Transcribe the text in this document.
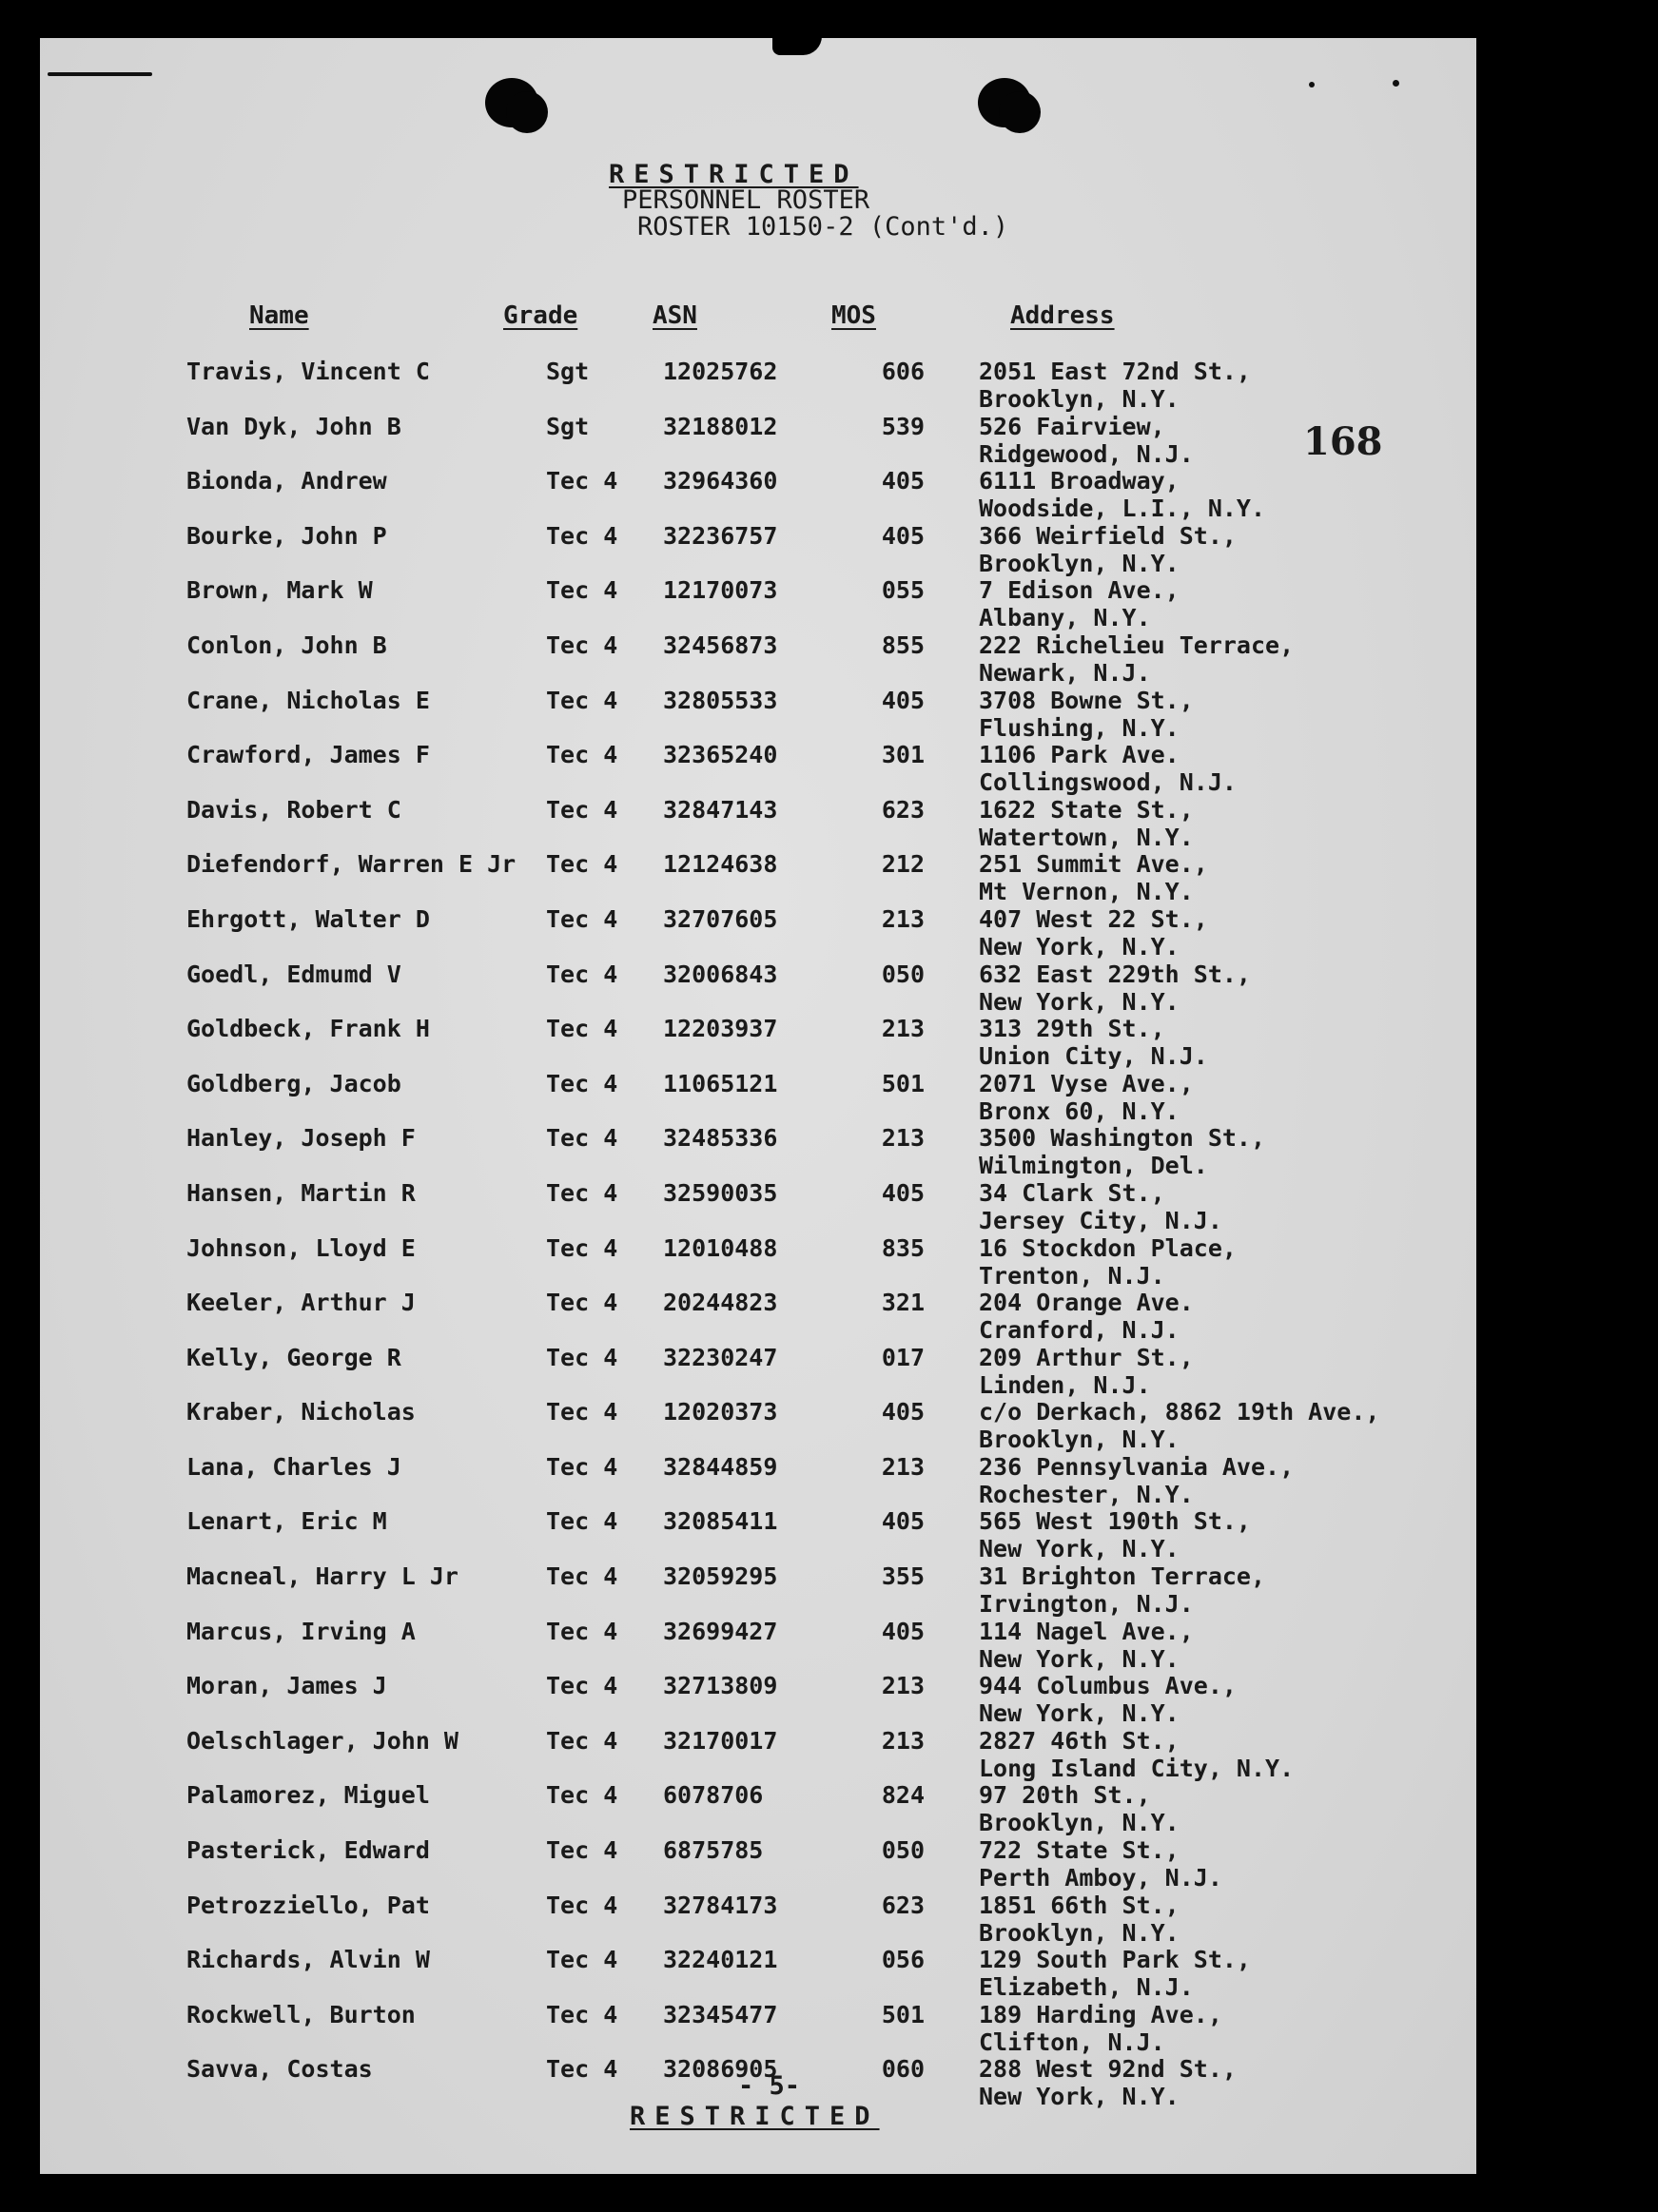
RESTRICTED
PERSONNEL ROSTER
ROSTER 10150-2 (Cont'd.)
Name	Grade	ASN	MOS	Address
168
Travis, Vincent C	Sgt	12025762	606 2051 East 72nd St.,
Brooklyn, N.Y.
Van Dyk, John B	Sgt	32188012	539 526 Fairview,
Ridgewood, N.J.
Bionda, Andrew	Tec 4 32964360	405 6111 Broadway,
Woodside, L.I., N.Y.
Bourke, John P	Tec 4 32236757	405 366 Weirfield St.,
Brooklyn, N.Y.
Brown, Mark W	Tec 4 12170073	055 7 Edison Ave.,
Albany, N.Y.
Conlon, John B	Tec 4 32456873	855 222 Richelieu Terrace,
Newark, N.J.
Crane, Nicholas E	Tec 4 32805533	405 3708 Bowne St.,
Flushing, N.Y.
Crawford, James F	Tec 4 32365240	301 1106 Park Ave.
Collingswood, N.J.
Davis, Robert C	Tec 4 32847143	623 1622 State St.,
Watertown, N.Y.
Diefendorf, Warren E Jr Tec 4 12124638	212 251 Summit Ave.,
Mt Vernon, N.Y.
Ehrgott, Walter D	Tec 4 32707605	213 407 West 22 St.,
New York, N.Y.
Goedl, Edmumd V	Tec 4 32006843	050 632 East 229th St.,
New York, N.Y.
Goldbeck, Frank H	Tec 4 12203937	213 313 29th St.,
Union City, N.J.
Goldberg, Jacob	Tec 4 11065121	501 2071 Vyse Ave.,
Bronx 60, N.Y.
Hanley, Joseph F	Tec 4 32485336	213 3500 Washington St.,
Wilmington, Del.
Hansen, Martin R	Tec 4 32590035	405 34 Clark St.,
Jersey City, N.J.
Johnson, Lloyd E	Tec 4 12010488	835 16 Stockdon Place,
Trenton, N.J.
Keeler, Arthur J	Tec 4 20244823	321 204 Orange Ave.
Cranford, N.J.
Kelly, George R	Tec 4 32230247	017 209 Arthur St.,
Linden, N.J.
Kraber, Nicholas	Tec 4 12020373	405 c/o Derkach, 8862 19th Ave.,
Brooklyn, N.Y.
Lana, Charles J	Tec 4 32844859	213 236 Pennsylvania Ave.,
Rochester, N.Y.
Lenart, Eric M	Tec 4 32085411	405 565 West 190th St.,
New York, N.Y.
Macneal, Harry L Jr	Tec 4 32059295	355 31 Brighton Terrace,
Irvington, N.J.
Marcus, Irving A	Tec 4 32699427	405 114 Nagel Ave.,
New York, N.Y.
Moran, James J	Tec 4 32713809	213 944 Columbus Ave.,
New York, N.Y.
Oelschlager, John W	Tec 4 32170017	213 2827 46th St.,
Long Island City, N.Y.
Palamorez, Miguel	Tec 4 6078706	824 97 20th St.,
Brooklyn, N.Y.
Pasterick, Edward	Tec 4 6875785	050 722 State St.,
Perth Amboy, N.J.
Petrozziello, Pat	Tec 4 32784173	623 1851 66th St.,
Brooklyn, N.Y.
Richards, Alvin W	Tec 4 32240121	056 129 South Park St.,
Elizabeth, N.J.
Rockwell, Burton	Tec 4 32345477	501 189 Harding Ave.,
Clifton, N.J.
Savva, Costas	Tec 4 32086905	060 288 West 92nd St.,
New York, N.Y.
- 5-
RESTRICTED
